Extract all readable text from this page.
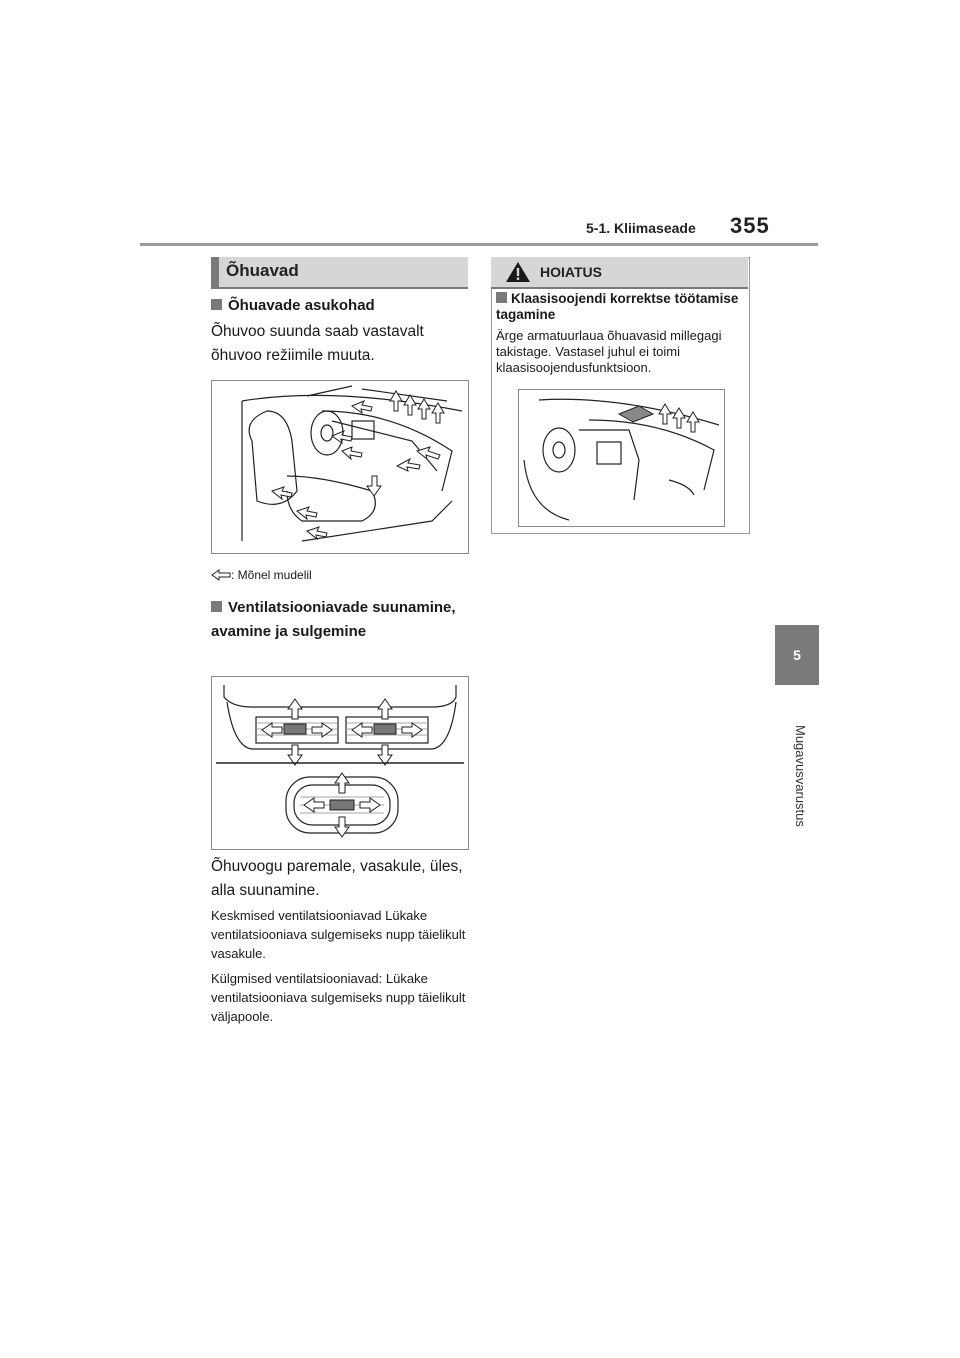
5-1. Kliimaseade 355
5
Mugavusvarustus
Õhuavad
Õhuavade asukohad
Õhuvoo suunda saab vastavalt õhuvoo režiimile muuta.
: Mõnel mudelil
Ventilatsiooniavade suunamine, avamine ja sulgemine
Õhuvoogu paremale, vasakule, üles, alla suunamine.
Keskmised ventilatsiooniavad Lükake ventilatsiooniava sulgemiseks nupp täielikult vasakule.
Külgmised ventilatsiooniavad: Lükake ventilatsiooniava sulgemiseks nupp täielikult väljapoole.
HOIATUS
Klaasisoojendi korrektse töötamise tagamine
Ärge armatuurlaua õhuavasid millegagi takistage. Vastasel juhul ei toimi klaasisoojendusfunktsioon.
